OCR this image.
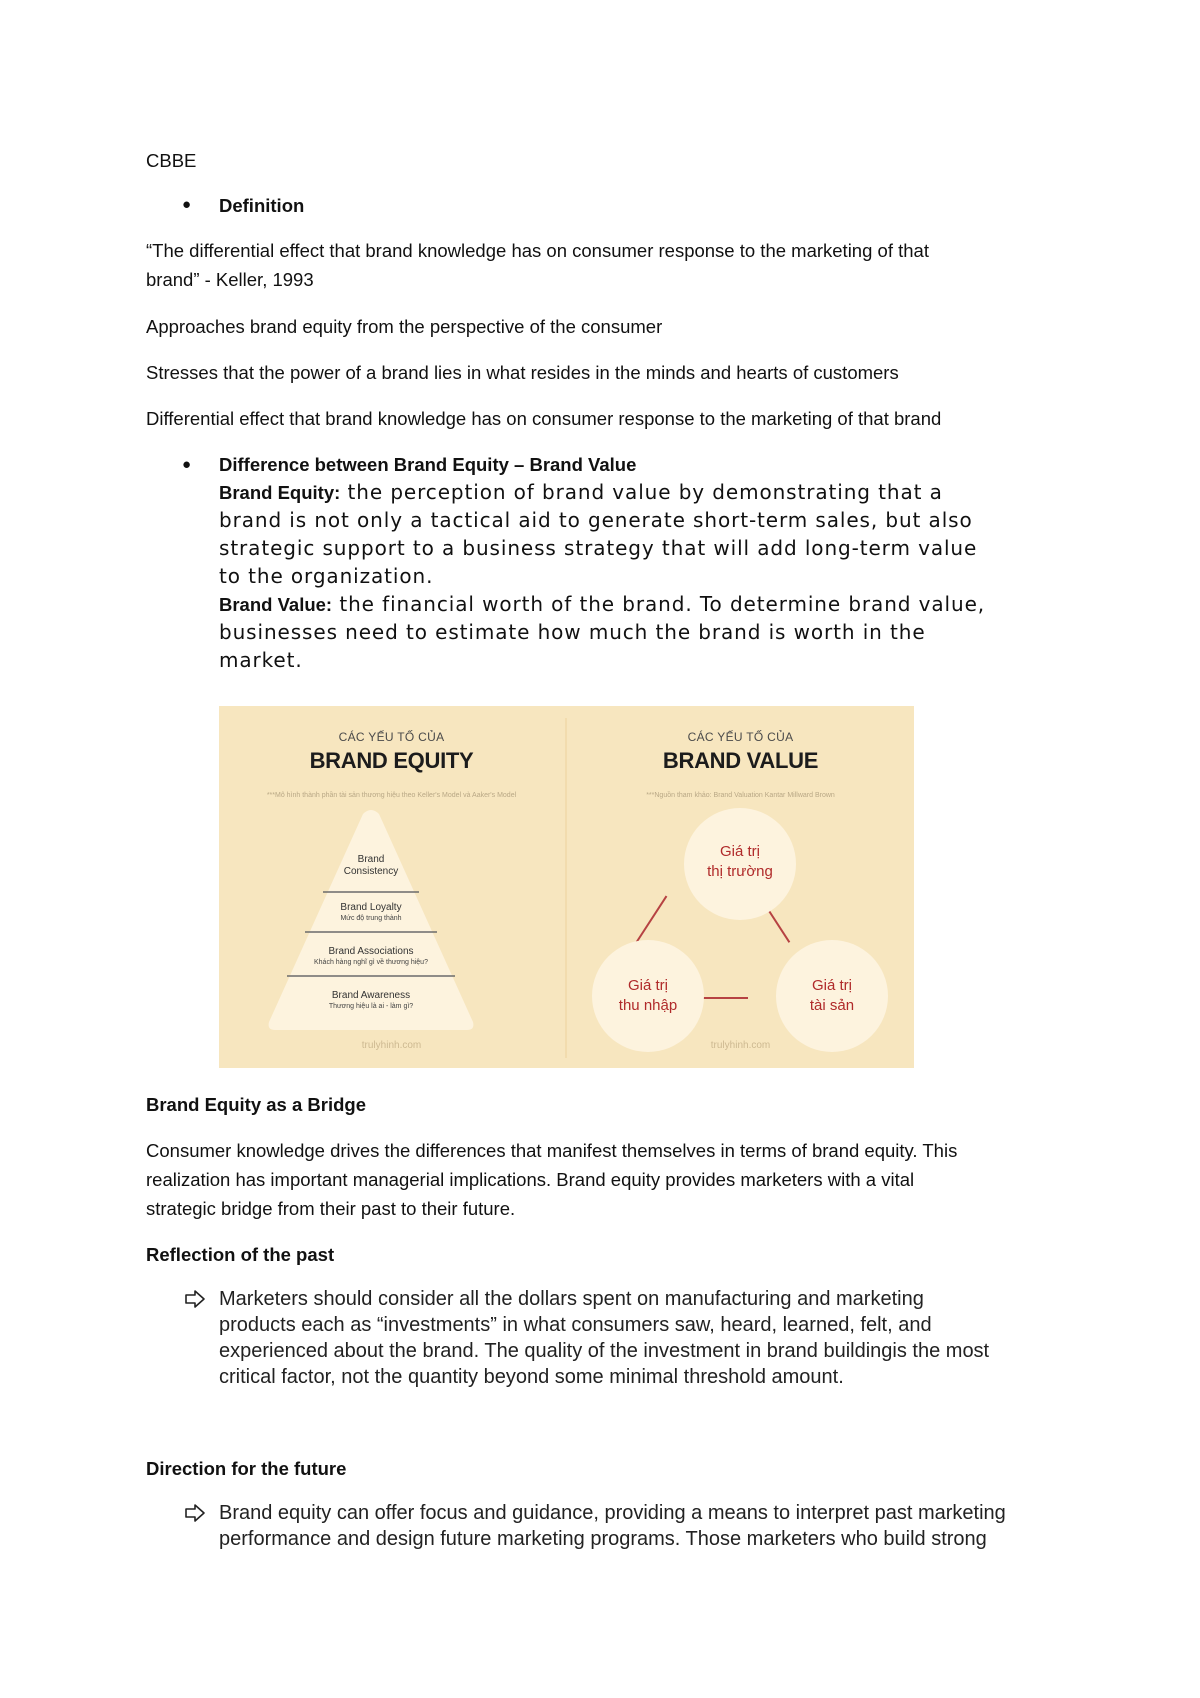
CBBE

● Definition

“The differential effect that brand knowledge has on consumer response to the marketing of that

brand” - Keller, 1993

Approaches brand equity from the perspective of the consumer

Stresses that the power of a brand lies in what resides in the minds and hearts of customers

Differential effect that brand knowledge has on consumer response to the marketing of that brand

● Difference between Brand Equity – Brand Value

Brand Equity: the perception of brand value by demonstrating that a

brand is not only a tactical aid to generate short-term sales, but also

strategic support to a business strategy that will add long-term value

to the organization.

Brand Value: the financial worth of the brand. To determine brand value,

businesses need to estimate how much the brand is worth in the

market.

CÁC YẾU TỐ CỦA
BRAND EQUITY
***Mô hình thành phần tài sản thương hiệu theo Keller's Model và Aaker's Model
Brand
Consistency
Brand Loyalty
Mức độ trung thành
Brand Associations
Khách hàng nghĩ gì về thương hiệu?
Brand Awareness
Thương hiệu là ai - làm gì?
trulyhinh.com
CÁC YẾU TỐ CỦA
BRAND VALUE
***Nguồn tham khảo: Brand Valuation Kantar Millward Brown
Giá trị
thị trường
Giá trị
thu nhập
Giá trị
tài sản
trulyhinh.com

Brand Equity as a Bridge

Consumer knowledge drives the differences that manifest themselves in terms of brand equity. This

realization has important managerial implications. Brand equity provides marketers with a vital

strategic bridge from their past to their future.

Reflection of the past

Marketers should consider all the dollars spent on manufacturing and marketing

products each as “investments” in what consumers saw, heard, learned, felt, and

experienced about the brand. The quality of the investment in brand buildingis the most

critical factor, not the quantity beyond some minimal threshold amount.

Direction for the future

Brand equity can offer focus and guidance, providing a means to interpret past marketing

performance and design future marketing programs. Those marketers who build strong
